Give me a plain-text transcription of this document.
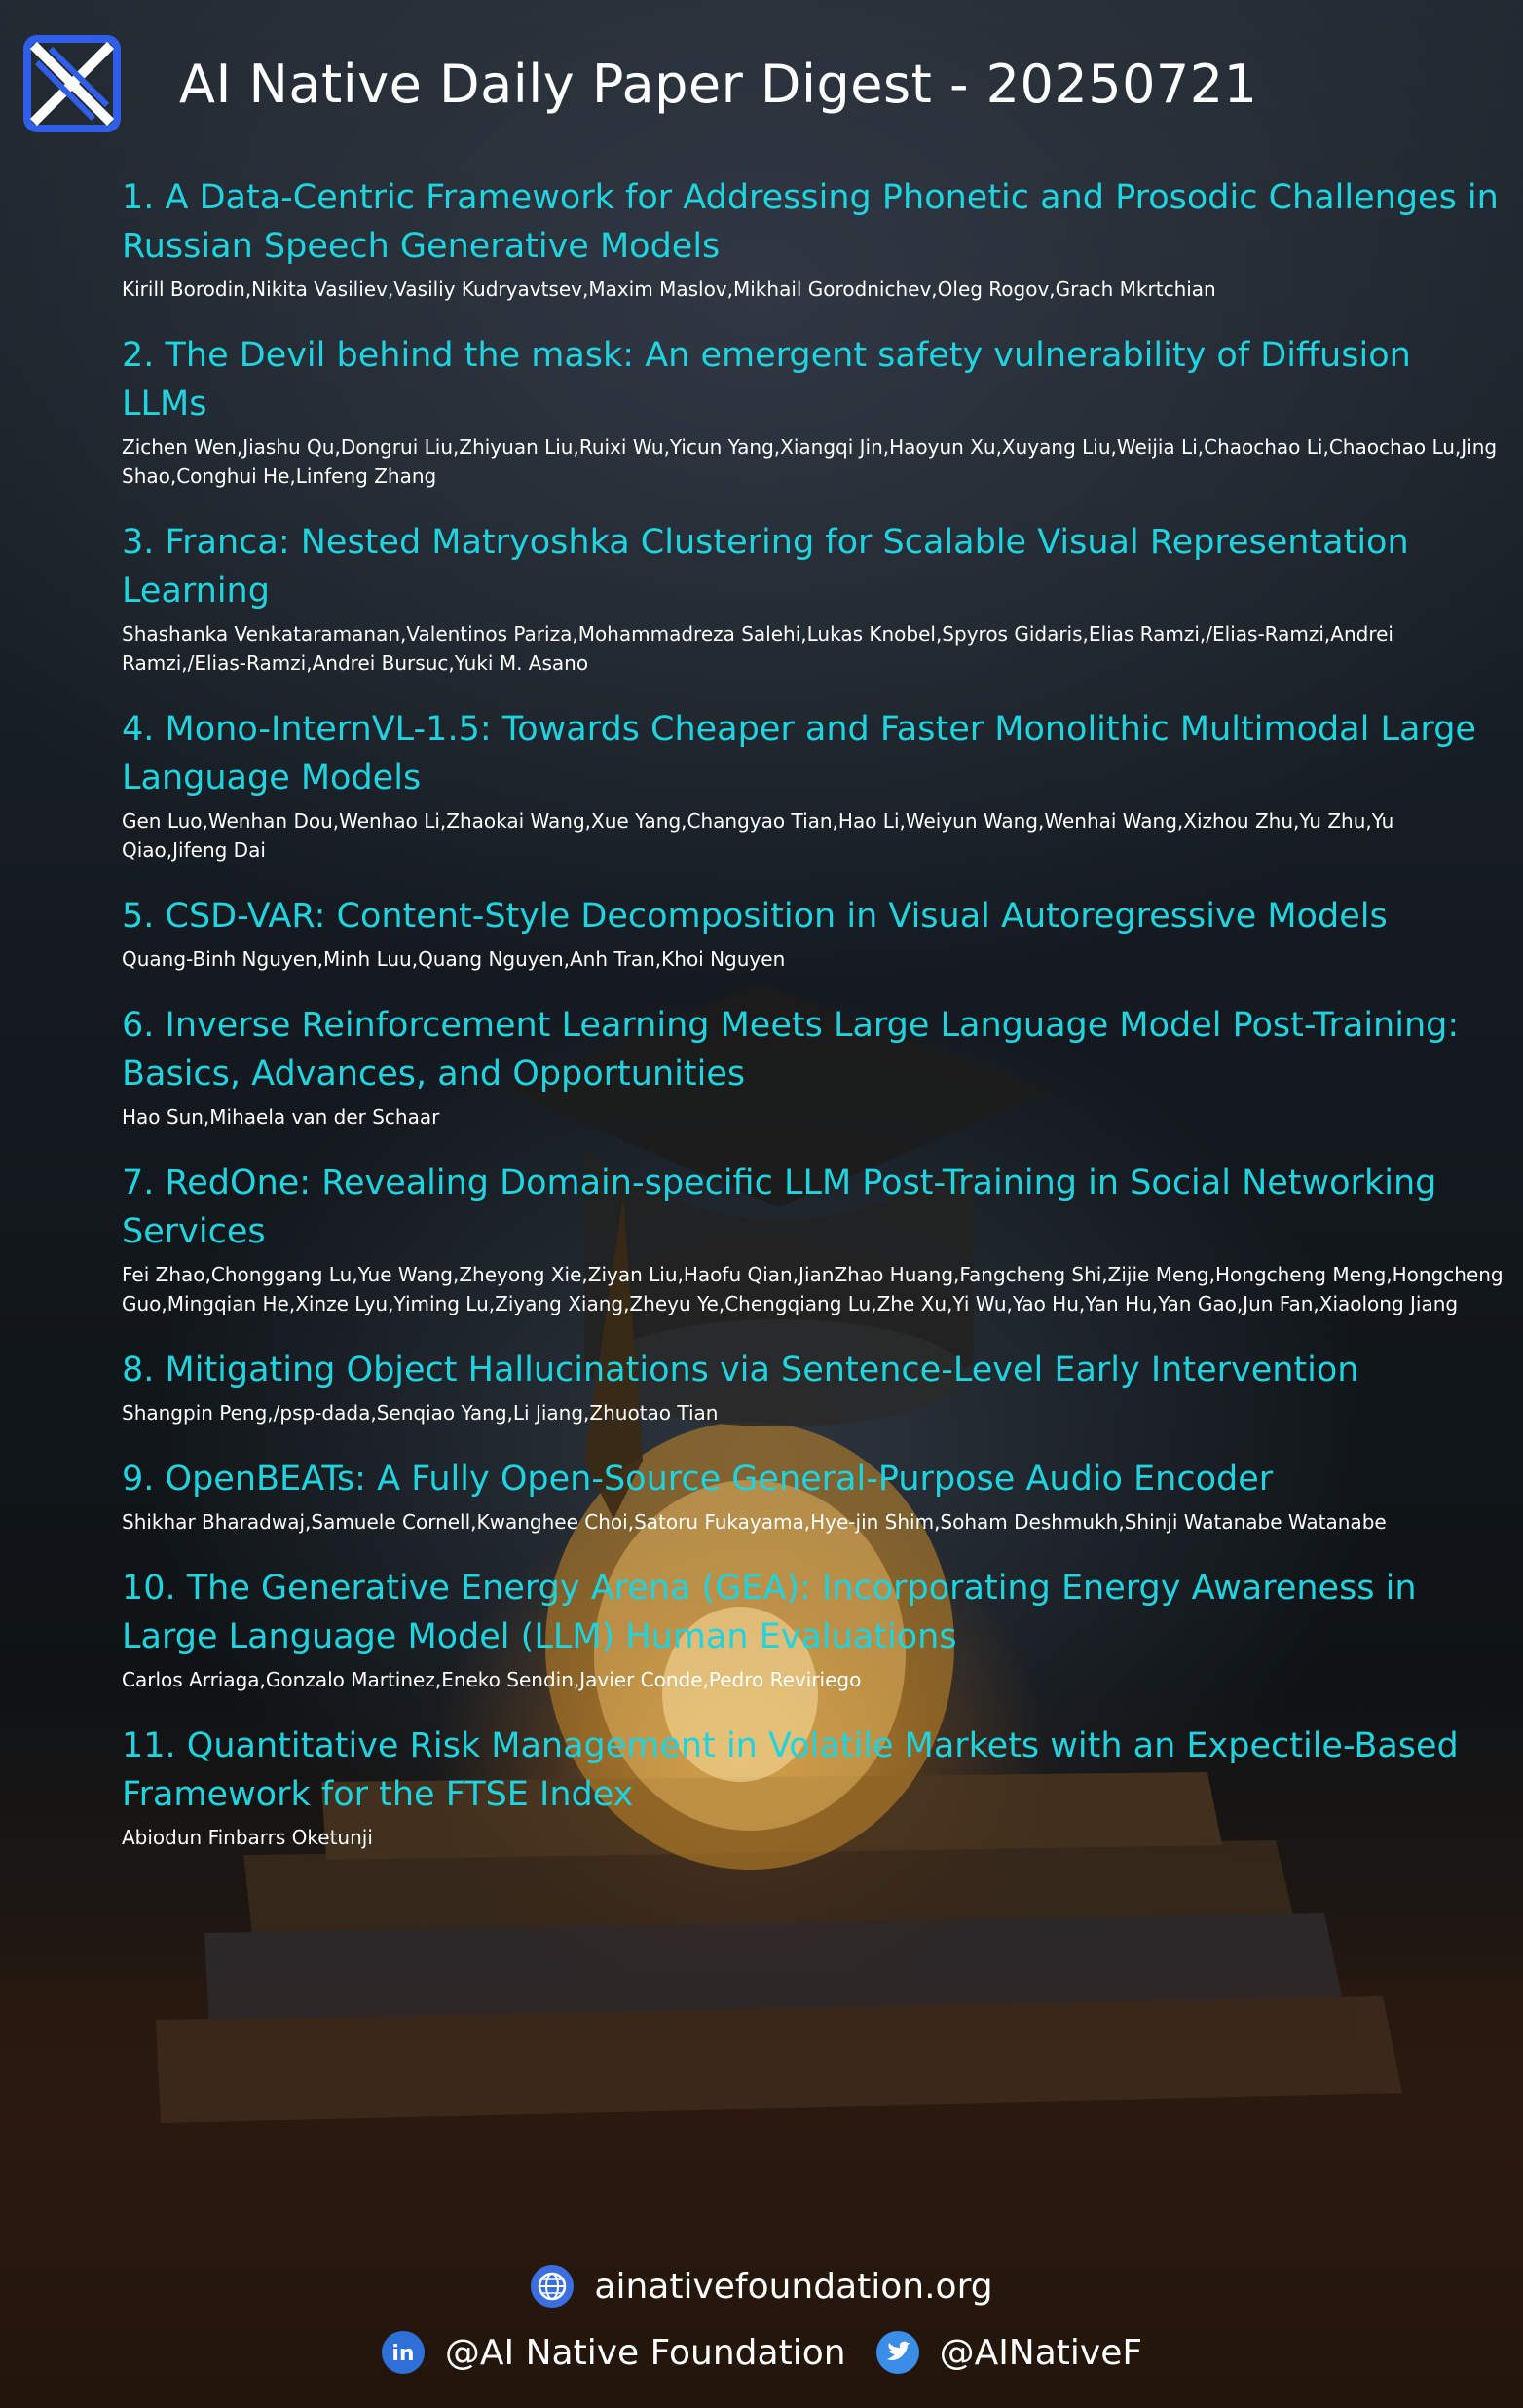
AI Native Daily Paper Digest - 20250721
1. A Data-Centric Framework for Addressing Phonetic and Prosodic Challenges in Russian Speech Generative Models
Kirill Borodin,Nikita Vasiliev,Vasiliy Kudryavtsev,Maxim Maslov,Mikhail Gorodnichev,Oleg Rogov,Grach Mkrtchian
2. The Devil behind the mask: An emergent safety vulnerability of Diffusion LLMs
Zichen Wen,Jiashu Qu,Dongrui Liu,Zhiyuan Liu,Ruixi Wu,Yicun Yang,Xiangqi Jin,Haoyun Xu,Xuyang Liu,Weijia Li,Chaochao Li,Chaochao Lu,Jing Shao,Conghui He,Linfeng Zhang
3. Franca: Nested Matryoshka Clustering for Scalable Visual Representation Learning
Shashanka Venkataramanan,Valentinos Pariza,Mohammadreza Salehi,Lukas Knobel,Spyros Gidaris,Elias Ramzi,/Elias-Ramzi,Andrei Ramzi,/Elias-Ramzi,Andrei Bursuc,Yuki M. Asano
4. Mono-InternVL-1.5: Towards Cheaper and Faster Monolithic Multimodal Large Language Models
Gen Luo,Wenhan Dou,Wenhao Li,Zhaokai Wang,Xue Yang,Changyao Tian,Hao Li,Weiyun Wang,Wenhai Wang,Xizhou Zhu,Yu Zhu,Yu Qiao,Jifeng Dai
5. CSD-VAR: Content-Style Decomposition in Visual Autoregressive Models
Quang-Binh Nguyen,Minh Luu,Quang Nguyen,Anh Tran,Khoi Nguyen
6. Inverse Reinforcement Learning Meets Large Language Model Post-Training: Basics, Advances, and Opportunities
Hao Sun,Mihaela van der Schaar
7. RedOne: Revealing Domain-specific LLM Post-Training in Social Networking Services
Fei Zhao,Chonggang Lu,Yue Wang,Zheyong Xie,Ziyan Liu,Haofu Qian,JianZhao Huang,Fangcheng Shi,Zijie Meng,Hongcheng Meng,Hongcheng Guo,Mingqian He,Xinze Lyu,Yiming Lu,Ziyang Xiang,Zheyu Ye,Chengqiang Lu,Zhe Xu,Yi Wu,Yao Hu,Yan Hu,Yan Gao,Jun Fan,Xiaolong Jiang
8. Mitigating Object Hallucinations via Sentence-Level Early Intervention
Shangpin Peng,/psp-dada,Senqiao Yang,Li Jiang,Zhuotao Tian
9. OpenBEATs: A Fully Open-Source General-Purpose Audio Encoder
Shikhar Bharadwaj,Samuele Cornell,Kwanghee Choi,Satoru Fukayama,Hye-jin Shim,Soham Deshmukh,Shinji Watanabe Watanabe
10. The Generative Energy Arena (GEA): Incorporating Energy Awareness in Large Language Model (LLM) Human Evaluations
Carlos Arriaga,Gonzalo Martinez,Eneko Sendin,Javier Conde,Pedro Reviriego
11. Quantitative Risk Management in Volatile Markets with an Expectile-Based Framework for the FTSE Index
Abiodun Finbarrs Oketunji
ainativefoundation.org
in @AI Native Foundation	@AINativeF
